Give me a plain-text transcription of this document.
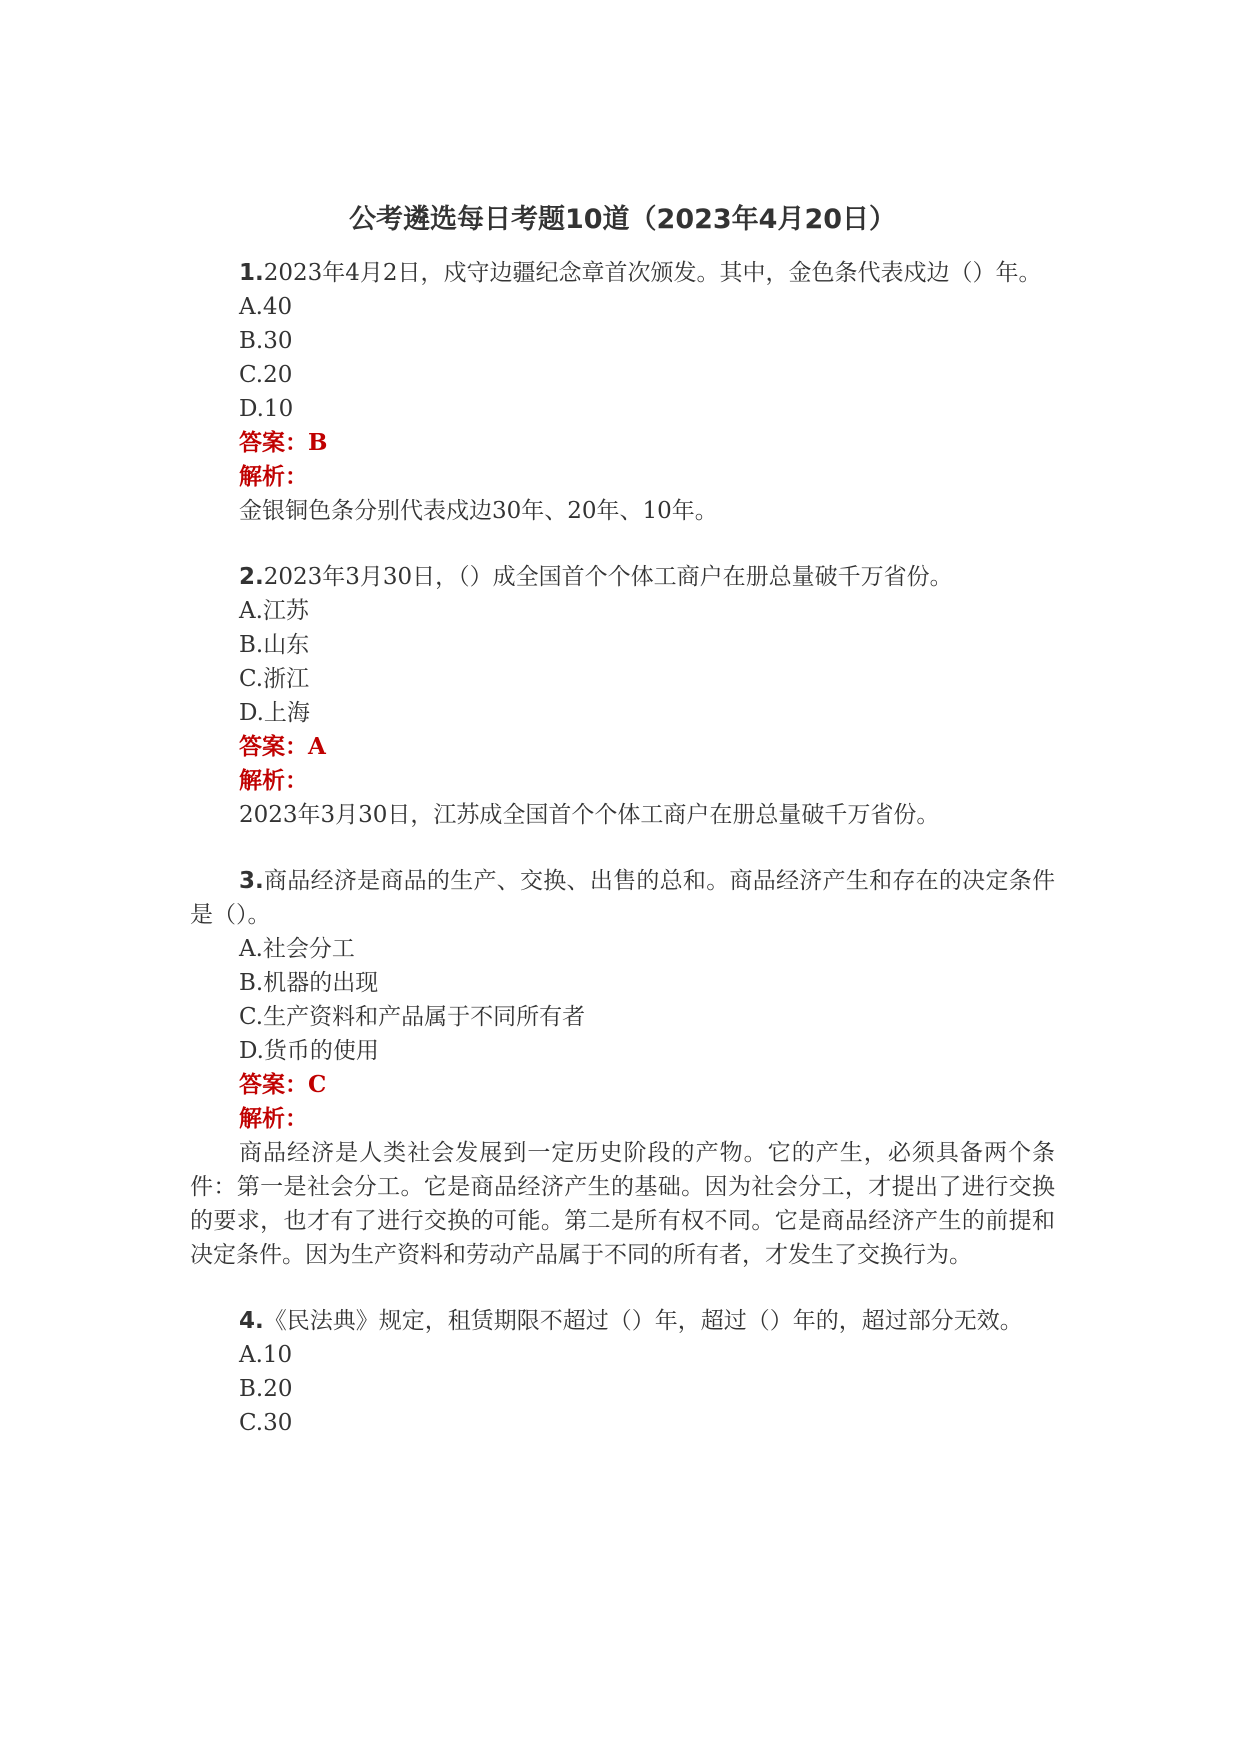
公考遴选每日考题10道（2023年4月20日）
1.2023年4月2日，戍守边疆纪念章首次颁发。其中，金色条代表戍边（）年。
A.40
B.30
C.20
D.10
答案：B
解析：
金银铜色条分别代表戍边30年、20年、10年。
2.2023年3月30日，（）成全国首个个体工商户在册总量破千万省份。
A.江苏
B.山东
C.浙江
D.上海
答案：A
解析：
2023年3月30日，江苏成全国首个个体工商户在册总量破千万省份。
3.商品经济是商品的生产、交换、出售的总和。商品经济产生和存在的决定条件是（）。
A.社会分工
B.机器的出现
C.生产资料和产品属于不同所有者
D.货币的使用
答案：C
解析：
商品经济是人类社会发展到一定历史阶段的产物。它的产生，必须具备两个条件：第一是社会分工。它是商品经济产生的基础。因为社会分工，才提出了进行交换的要求，也才有了进行交换的可能。第二是所有权不同。它是商品经济产生的前提和决定条件。因为生产资料和劳动产品属于不同的所有者，才发生了交换行为。
4.《民法典》规定，租赁期限不超过（）年，超过（）年的，超过部分无效。
A.10
B.20
C.30
